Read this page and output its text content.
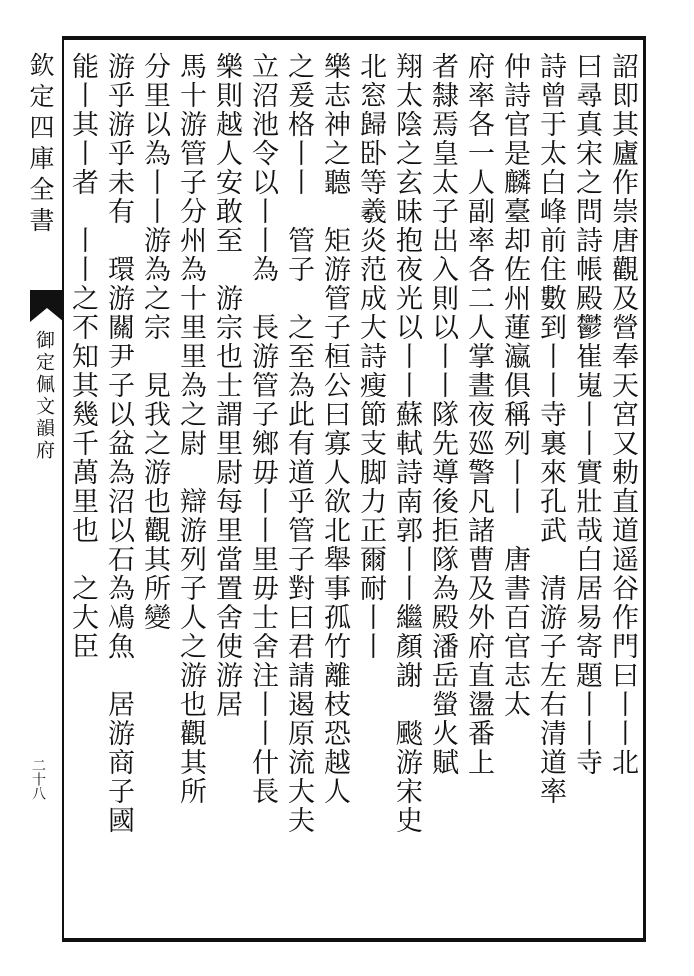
欽定四庫全書
御定佩文韻府
二十八
詔即其廬作崇唐觀及營奉天宮又勅直道遥谷作門曰丨丨北
曰尋真宋之問詩帳殿鬱崔嵬丨丨實壯哉白居易寄題丨丨寺
詩曾于太白峰前住數到丨丨寺裏來孔武　清游子左右清道率
仲詩官是麟臺却佐州蓮瀛俱稱列丨丨　唐書百官志太
府率各一人副率各二人掌晝夜廵警凡諸曹及外府直盪番上
者隸焉皇太子出入則以丨丨隊先導後拒隊為殿潘岳螢火賦
翔太陰之玄昧抱夜光以丨丨蘇軾詩南郭丨丨繼顏謝　颷游宋史
北窓歸卧等羲炎范成大詩瘦節支脚力正爾耐丨丨
樂志神之聽　矩游管子桓公曰寡人欲北舉事孤竹離枝恐越人
之爰格丨丨　管子　之至為此有道乎管子對曰君請遏原流大夫
立沼池令以丨丨為　長游管子鄉毋丨丨里毋士舍注丨丨什長
樂則越人安敢至　游宗也士謂里尉每里當置舍使游居
馬十游管子分州為十里里為之尉　辯游列子人之游也觀其所
分里以為丨丨游為之宗　見我之游也觀其所變
游乎游乎未有　環游關尹子以盆為沼以石為鳰魚　居游商子國
能丨其丨者　丨丨之不知其幾千萬里也　之大臣
